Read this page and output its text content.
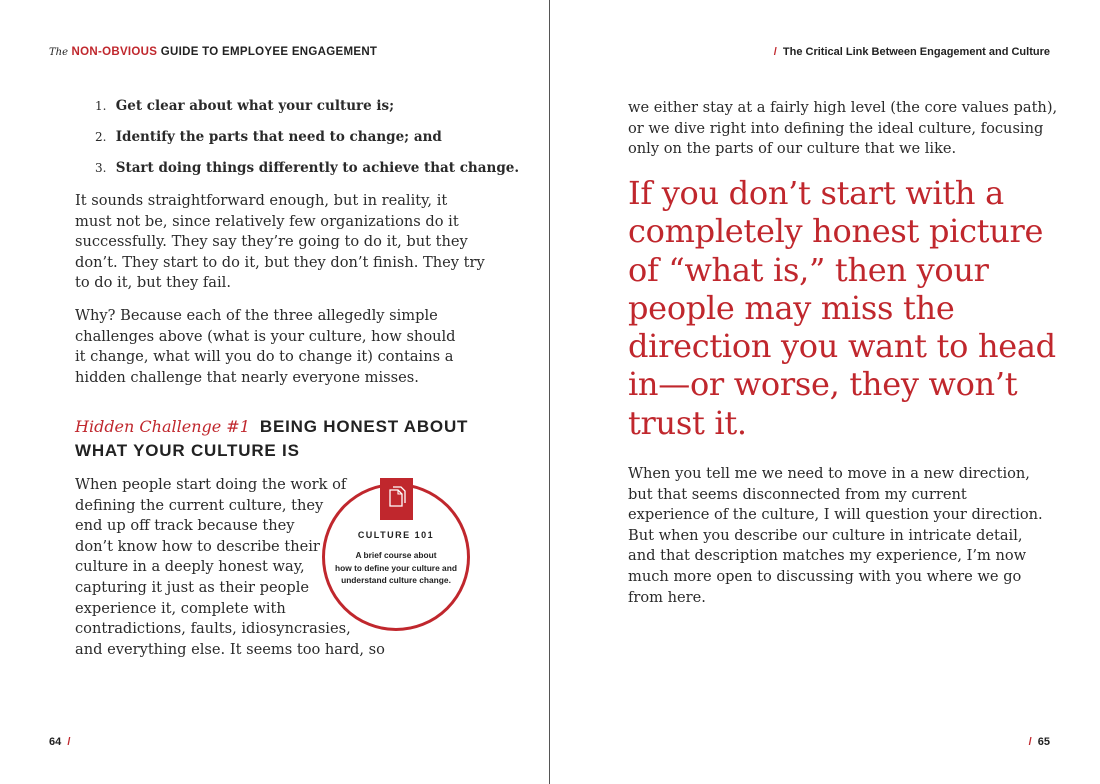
The NON-OBVIOUS GUIDE TO EMPLOYEE ENGAGEMENT
1. Get clear about what your culture is;
2. Identify the parts that need to change; and
3. Start doing things differently to achieve that change.
It sounds straightforward enough, but in reality, it
must not be, since relatively few organizations do it
successfully. They say they’re going to do it, but they
don’t. They start to do it, but they don’t finish. They try
to do it, but they fail.
Why? Because each of the three allegedly simple
challenges above (what is your culture, how should
it change, what will you do to change it) contains a
hidden challenge that nearly everyone misses.
Hidden Challenge #1 BEING HONEST ABOUT
WHAT YOUR CULTURE IS
When people start doing the work of
defining the current culture, they
end up off track because they
don’t know how to describe their
culture in a deeply honest way,
capturing it just as their people
experience it, complete with
contradictions, faults, idiosyncrasies,
and everything else. It seems too hard, so
CULTURE 101
A brief course about
how to define your culture and
understand culture change.
64 /
/ The Critical Link Between Engagement and Culture
we either stay at a fairly high level (the core values path),
or we dive right into defining the ideal culture, focusing
only on the parts of our culture that we like.
If you don’t start with a
completely honest picture
of “what is,” then your
people may miss the
direction you want to head
in—or worse, they won’t
trust it.
When you tell me we need to move in a new direction,
but that seems disconnected from my current
experience of the culture, I will question your direction.
But when you describe our culture in intricate detail,
and that description matches my experience, I’m now
much more open to discussing with you where we go
from here.
/ 65
